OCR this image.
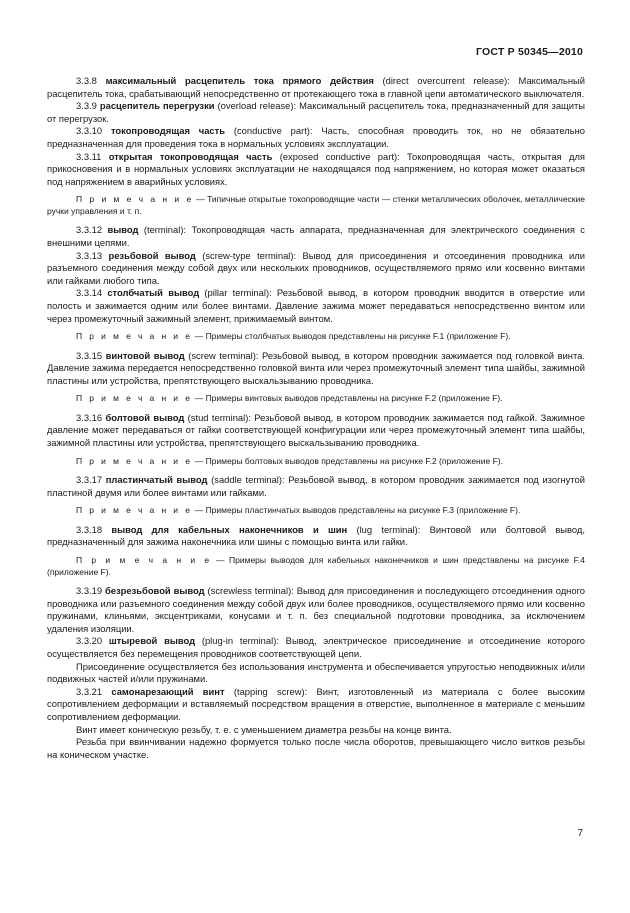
ГОСТ Р 50345—2010

3.3.8 максимальный расцепитель тока прямого действия (direct overcurrent release): Максимальный расцепитель тока, срабатывающий непосредственно от протекающего тока в главной цепи автоматического выключателя.

3.3.9 расцепитель перегрузки (overload release): Максимальный расцепитель тока, предназначенный для защиты от перегрузок.

3.3.10 токопроводящая часть (conductive part): Часть, способная проводить ток, но не обязательно предназначенная для проведения тока в нормальных условиях эксплуатации.

3.3.11 открытая токопроводящая часть (exposed conductive part): Токопроводящая часть, открытая для прикосновения и в нормальных условиях эксплуатации не находящаяся под напряжением, но которая может оказаться под напряжением в аварийных условиях.

П р и м е ч а н и е — Типичные открытые токопроводящие части — стенки металлических оболочек, металлические ручки управления и т. п.

3.3.12 вывод (terminal): Токопроводящая часть аппарата, предназначенная для электрического соединения с внешними цепями.

3.3.13 резьбовой вывод (screw-type terminal): Вывод для присоединения и отсоединения проводника или разъемного соединения между собой двух или нескольких проводников, осуществляемого прямо или косвенно винтами или гайками любого типа.

3.3.14 столбчатый вывод (pillar terminal): Резьбовой вывод, в котором проводник вводится в отверстие или полость и зажимается одним или более винтами. Давление зажима может передаваться непосредственно винтом или через промежуточный зажимный элемент, прижимаемый винтом.

П р и м е ч а н и е — Примеры столбчатых выводов представлены на рисунке F.1 (приложение F).

3.3.15 винтовой вывод (screw terminal): Резьбовой вывод, в котором проводник зажимается под головкой винта. Давление зажима передается непосредственно головкой винта или через промежуточный элемент типа шайбы, зажимной пластины или устройства, препятствующего выскальзыванию проводника.

П р и м е ч а н и е — Примеры винтовых выводов представлены на рисунке F.2 (приложение F).

3.3.16 болтовой вывод (stud terminal): Резьбовой вывод, в котором проводник зажимается под гайкой. Зажимное давление может передаваться от гайки соответствующей конфигурации или через промежуточный элемент типа шайбы, зажимной пластины или устройства, препятствующего выскальзыванию проводника.

П р и м е ч а н и е — Примеры болтовых выводов представлены на рисунке F.2 (приложение F).

3.3.17 пластинчатый вывод (saddle terminal): Резьбовой вывод, в котором проводник зажимается под изогнутой пластиной двумя или более винтами или гайками.

П р и м е ч а н и е — Примеры пластинчатых выводов представлены на рисунке F.3 (приложение F).

3.3.18 вывод для кабельных наконечников и шин (lug terminal): Винтовой или болтовой вывод, предназначенный для зажима наконечника или шины с помощью винта или гайки.

П р и м е ч а н и е — Примеры выводов для кабельных наконечников и шин представлены на рисунке F.4 (приложение F).

3.3.19 безрезьбовой вывод (screwless terminal): Вывод для присоединения и последующего отсоединения одного проводника или разъемного соединения между собой двух или более проводников, осуществляемого прямо или косвенно пружинами, клиньями, эксцентриками, конусами и т. п. без специальной подготовки проводника, за исключением удаления изоляции.

3.3.20 штыревой вывод (plug-in terminal): Вывод, электрическое присоединение и отсоединение которого осуществляется без перемещения проводников соответствующей цепи.

Присоединение осуществляется без использования инструмента и обеспечивается упругостью неподвижных и/или подвижных частей и/или пружинами.

3.3.21 самонарезающий винт (tapping screw): Винт, изготовленный из материала с более высоким сопротивлением деформации и вставляемый посредством вращения в отверстие, выполненное в материале с меньшим сопротивлением деформации.

Винт имеет коническую резьбу, т. е. с уменьшением диаметра резьбы на конце винта.

Резьба при ввинчивании надежно формуется только после числа оборотов, превышающего число витков резьбы на коническом участке.

7
